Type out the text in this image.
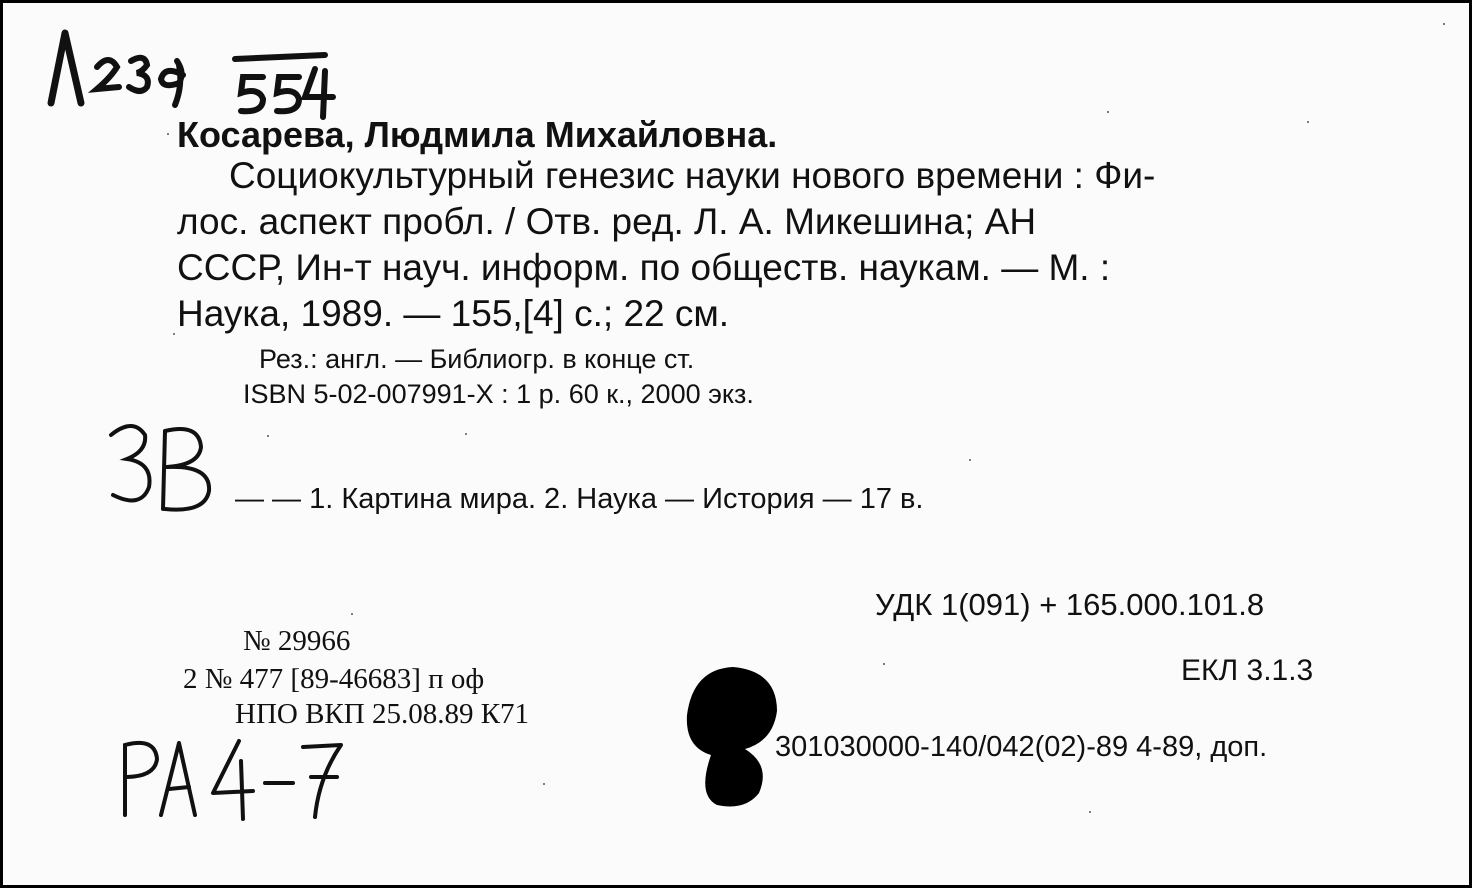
Косарева, Людмила Михайловна.
Социокультурный генезис науки нового времени : Фи-
лос. аспект пробл. / Отв. ред. Л. А. Микешина; АН
СССР, Ин-т науч. информ. по обществ. наукам. — М. :
Наука, 1989. — 155,[4] с.; 22 см.
Рез.: англ. — Библиогр. в конце ст.
ISBN 5-02-007991-X : 1 р. 60 к., 2000 экз.
— — 1. Картина мира. 2. Наука — История — 17 в.
УДК 1(091) + 165.000.101.8
№ 29966
2 № 477 [89-46683] п оф
НПО ВКП 25.08.89 К71
ЕКЛ 3.1.3
301030000-140/042(02)-89 4-89, доп.
